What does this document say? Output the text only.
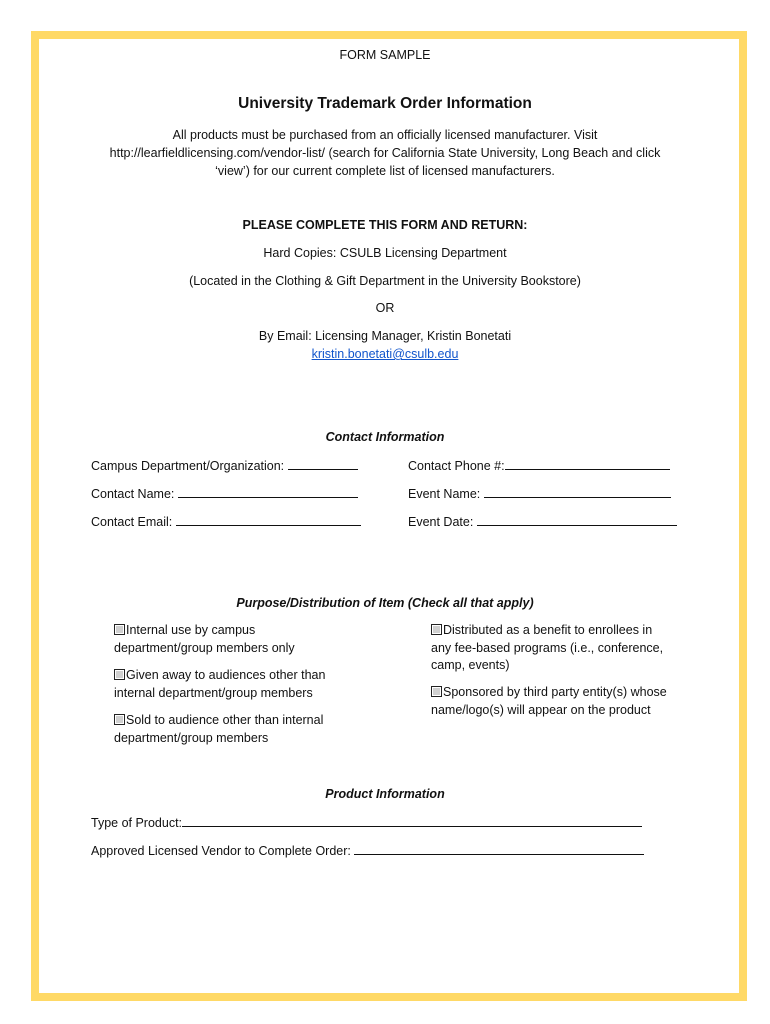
FORM SAMPLE
University Trademark Order Information
All products must be purchased from an officially licensed manufacturer. Visit
http://learfieldlicensing.com/vendor-list/ (search for California State University, Long Beach and click
‘view’) for our current complete list of licensed manufacturers.
PLEASE COMPLETE THIS FORM AND RETURN:
Hard Copies: CSULB Licensing Department
(Located in the Clothing & Gift Department in the University Bookstore)
OR
By Email: Licensing Manager, Kristin Bonetati
kristin.bonetati@csulb.edu
Contact Information
Campus Department/Organization:	Contact Phone #:
Contact Name:	Event Name:
Contact Email:	Event Date:
Purpose/Distribution of Item (Check all that apply)
Internal use by campus
department/group members only
Given away to audiences other than
internal department/group members
Sold to audience other than internal
department/group members
Distributed as a benefit to enrollees in
any fee-based programs (i.e., conference,
camp, events)
Sponsored by third party entity(s) whose
name/logo(s) will appear on the product
Product Information
Type of Product:
Approved Licensed Vendor to Complete Order:
